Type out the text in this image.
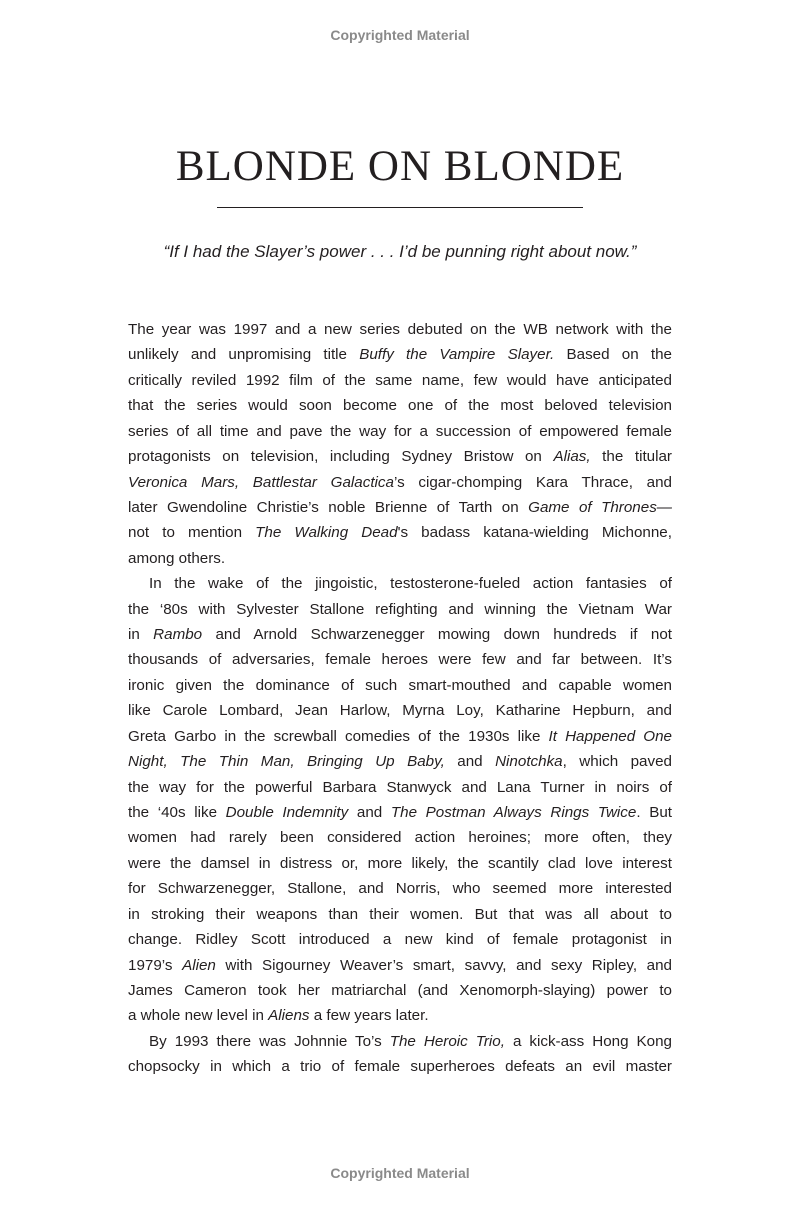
Copyrighted Material
BLONDE ON BLONDE
“If I had the Slayer’s power . . . I’d be punning right about now.”
The year was 1997 and a new series debuted on the WB network with the
unlikely and unpromising title Buffy the Vampire Slayer. Based on the
critically reviled 1992 film of the same name, few would have anticipated
that the series would soon become one of the most beloved television
series of all time and pave the way for a succession of empowered female
protagonists on television, including Sydney Bristow on Alias, the titular
Veronica Mars, Battlestar Galactica’s cigar-chomping Kara Thrace, and
later Gwendoline Christie’s noble Brienne of Tarth on Game of Thrones—
not to mention The Walking Dead's badass katana-wielding Michonne,
among others.
In the wake of the jingoistic, testosterone-fueled action fantasies of
the ‘80s with Sylvester Stallone refighting and winning the Vietnam War
in Rambo and Arnold Schwarzenegger mowing down hundreds if not
thousands of adversaries, female heroes were few and far between. It’s
ironic given the dominance of such smart-mouthed and capable women
like Carole Lombard, Jean Harlow, Myrna Loy, Katharine Hepburn, and
Greta Garbo in the screwball comedies of the 1930s like It Happened One
Night, The Thin Man, Bringing Up Baby, and Ninotchka, which paved
the way for the powerful Barbara Stanwyck and Lana Turner in noirs of
the ‘40s like Double Indemnity and The Postman Always Rings Twice. But
women had rarely been considered action heroines; more often, they
were the damsel in distress or, more likely, the scantily clad love interest
for Schwarzenegger, Stallone, and Norris, who seemed more interested
in stroking their weapons than their women. But that was all about to
change. Ridley Scott introduced a new kind of female protagonist in
1979’s Alien with Sigourney Weaver’s smart, savvy, and sexy Ripley, and
James Cameron took her matriarchal (and Xenomorph-slaying) power to
a whole new level in Aliens a few years later.
By 1993 there was Johnnie To’s The Heroic Trio, a kick-ass Hong Kong
chopsocky in which a trio of female superheroes defeats an evil master
Copyrighted Material
